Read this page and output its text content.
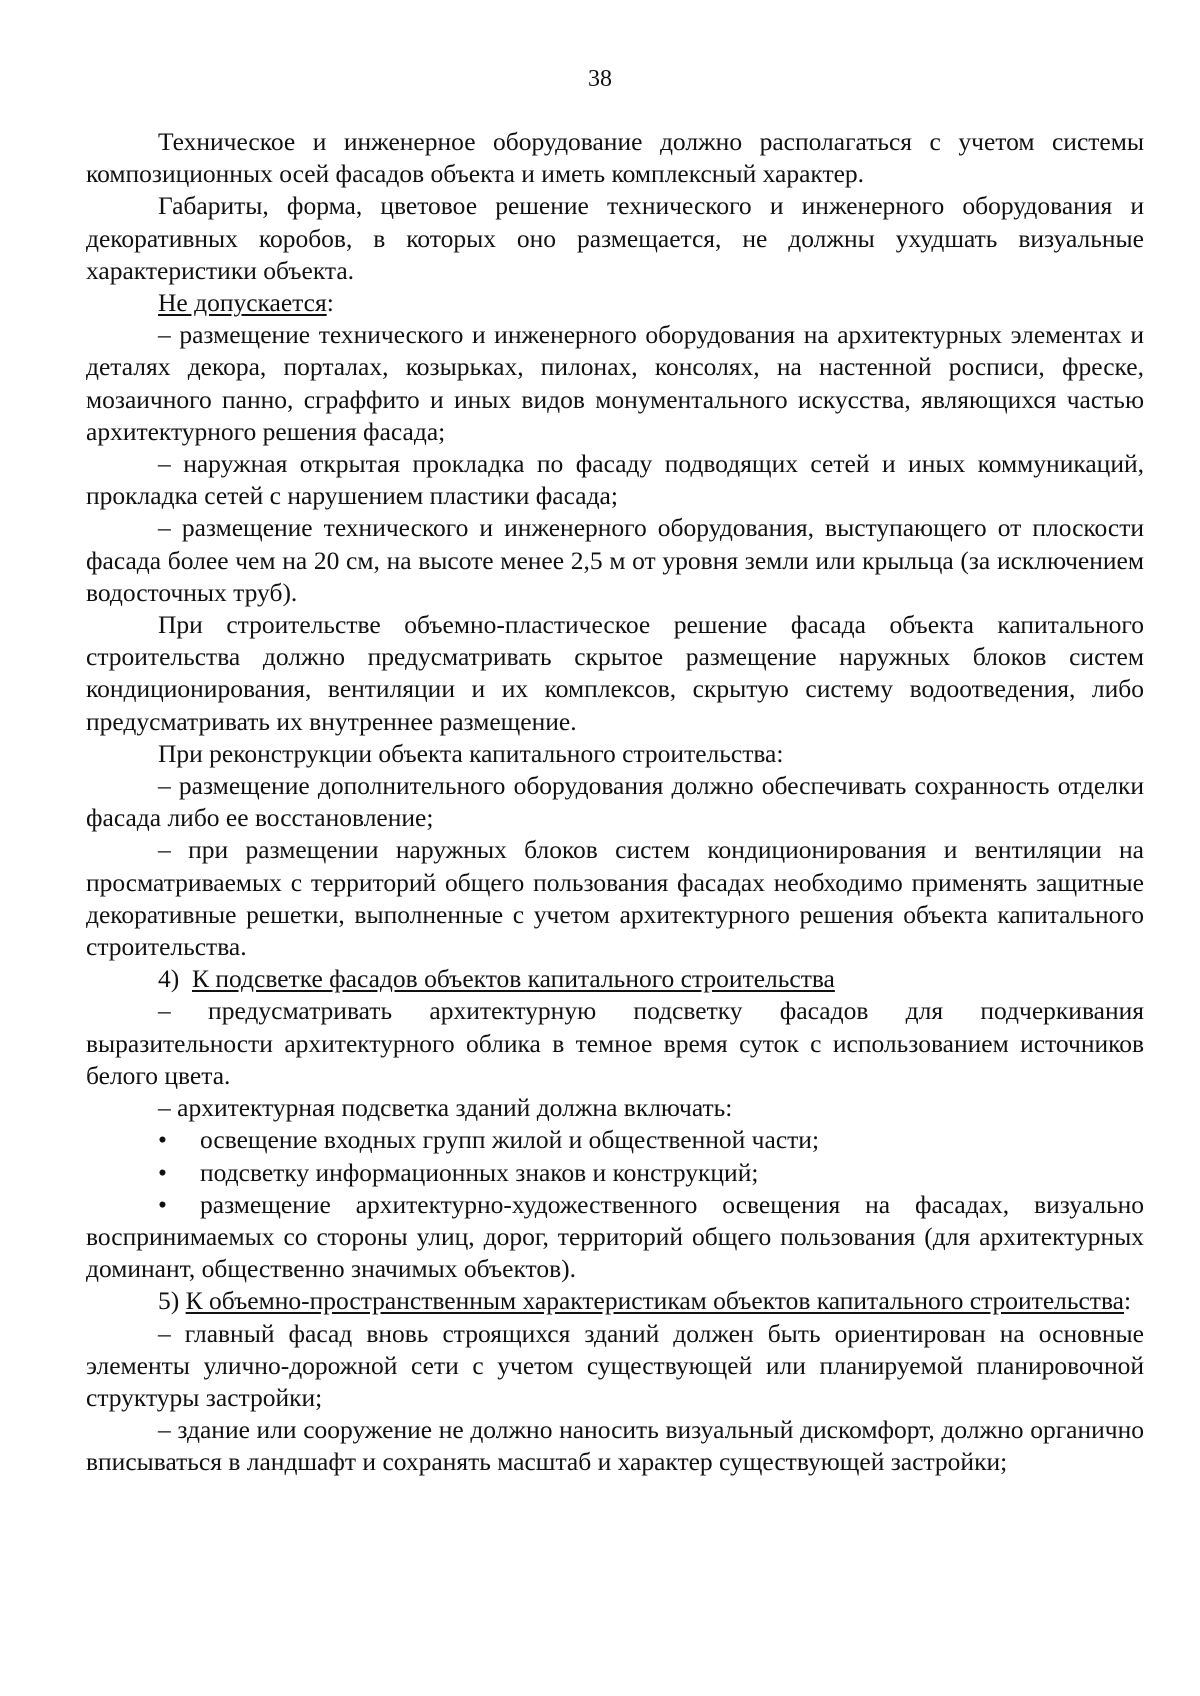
38

Техническое и инженерное оборудование должно располагаться с учетом системы композиционных осей фасадов объекта и иметь комплексный характер.

Габариты, форма, цветовое решение технического и инженерного оборудования и декоративных коробов, в которых оно размещается, не должны ухудшать визуальные характеристики объекта.

Не допускается:

– размещение технического и инженерного оборудования на архитектурных элементах и деталях декора, порталах, козырьках, пилонах, консолях, на настенной росписи, фреске, мозаичного панно, сграффито и иных видов монументального искусства, являющихся частью архитектурного решения фасада;

– наружная открытая прокладка по фасаду подводящих сетей и иных коммуникаций, прокладка сетей с нарушением пластики фасада;

– размещение технического и инженерного оборудования, выступающего от плоскости фасада более чем на 20 см, на высоте менее 2,5 м от уровня земли или крыльца (за исключением водосточных труб).

При строительстве объемно-пластическое решение фасада объекта капитального строительства должно предусматривать скрытое размещение наружных блоков систем кондиционирования, вентиляции и их комплексов, скрытую систему водоотведения, либо предусматривать их внутреннее размещение.

При реконструкции объекта капитального строительства:

– размещение дополнительного оборудования должно обеспечивать сохранность отделки фасада либо ее восстановление;

– при размещении наружных блоков систем кондиционирования и вентиляции на просматриваемых с территорий общего пользования фасадах необходимо применять защитные декоративные решетки, выполненные с учетом архитектурного решения объекта капитального строительства.

4) К подсветке фасадов объектов капитального строительства

– предусматривать архитектурную подсветку фасадов для подчеркивания выразительности архитектурного облика в темное время суток с использованием источников белого цвета.

– архитектурная подсветка зданий должна включать:

• освещение входных групп жилой и общественной части;

• подсветку информационных знаков и конструкций;

• размещение архитектурно-художественного освещения на фасадах, визуально воспринимаемых со стороны улиц, дорог, территорий общего пользования (для архитектурных доминант, общественно значимых объектов).

5) К объемно-пространственным характеристикам объектов капитального строительства:

– главный фасад вновь строящихся зданий должен быть ориентирован на основные элементы улично-дорожной сети с учетом существующей или планируемой планировочной структуры застройки;

– здание или сооружение не должно наносить визуальный дискомфорт, должно органично вписываться в ландшафт и сохранять масштаб и характер существующей застройки;
